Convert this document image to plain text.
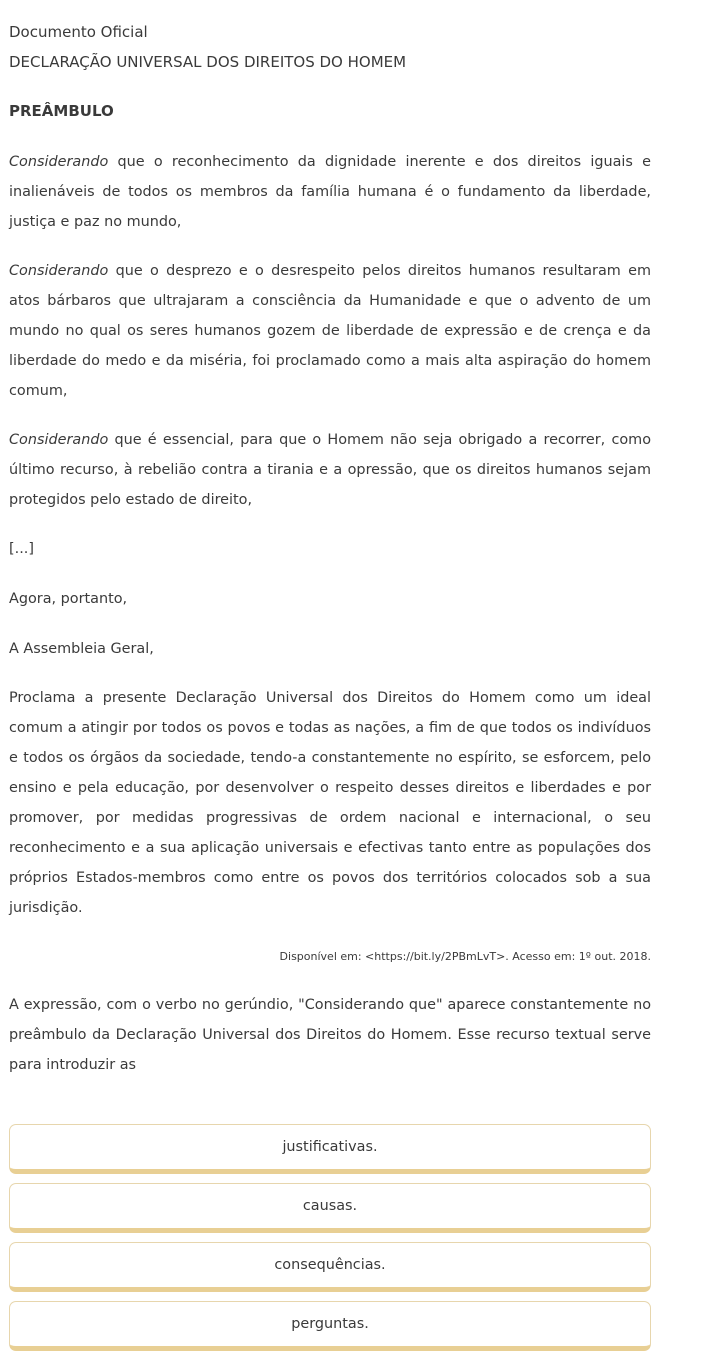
Documento Oficial
DECLARAÇÃO UNIVERSAL DOS DIREITOS DO HOMEM
PREÂMBULO

Considerando que o reconhecimento da dignidade inerente e dos direitos iguais e inalienáveis de todos os membros da família humana é o fundamento da liberdade, justiça e paz no mundo,

Considerando que o desprezo e o desrespeito pelos direitos humanos resultaram em atos bárbaros que ultrajaram a consciência da Humanidade e que o advento de um mundo no qual os seres humanos gozem de liberdade de expressão e de crença e da liberdade do medo e da miséria, foi proclamado como a mais alta aspiração do homem comum,

Considerando que é essencial, para que o Homem não seja obrigado a recorrer, como último recurso, à rebelião contra a tirania e a opressão, que os direitos humanos sejam protegidos pelo estado de direito,

[...]

Agora, portanto,

A Assembleia Geral,

Proclama a presente Declaração Universal dos Direitos do Homem como um ideal comum a atingir por todos os povos e todas as nações, a fim de que todos os indivíduos e todos os órgãos da sociedade, tendo-a constantemente no espírito, se esforcem, pelo ensino e pela educação, por desenvolver o respeito desses direitos e liberdades e por promover, por medidas progressivas de ordem nacional e internacional, o seu reconhecimento e a sua aplicação universais e efectivas tanto entre as populações dos próprios Estados-membros como entre os povos dos territórios colocados sob a sua jurisdição.

Disponível em: <https://bit.ly/2PBmLvT>. Acesso em: 1º out. 2018.

A expressão, com o verbo no gerúndio, "Considerando que" aparece constantemente no preâmbulo da Declaração Universal dos Direitos do Homem. Esse recurso textual serve para introduzir as

justificativas.
causas.
consequências.
perguntas.
